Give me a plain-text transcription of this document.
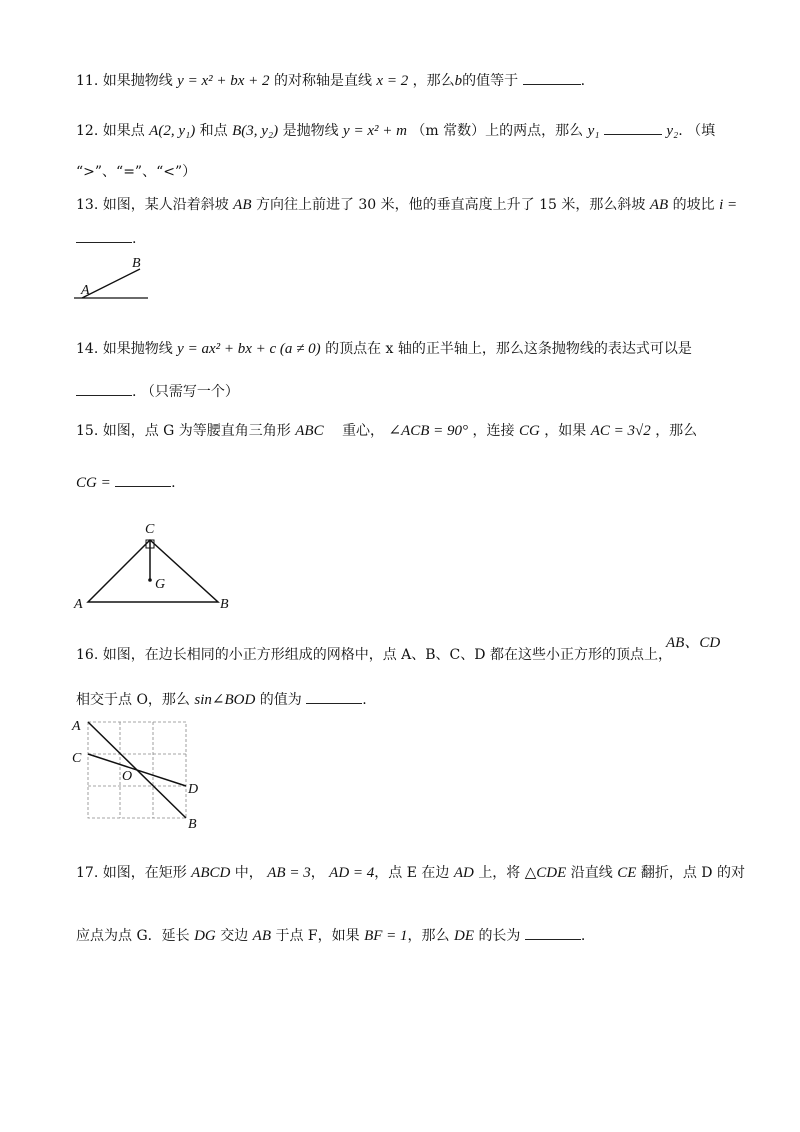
11. 如果抛物线 y = x² + bx + 2 的对称轴是直线 x = 2 ，那么b的值等于	.
12. 如果点 A(2, y₁) 和点 B(3, y₂) 是抛物线 y = x² + m （m 常数）上的两点，那么 y₁	y₂. （填
“>”、“=”、“<”）
13. 如图，某人沿着斜坡 AB 方向往上前进了 30 米，他的垂直高度上升了 15 米，那么斜坡 AB 的坡比 i =
.
A
B
14. 如果抛物线 y = ax² + bx + c (a ≠ 0) 的顶点在 x 轴的正半轴上，那么这条抛物线的表达式可以是
. （只需写一个）
15. 如图，点 G 为等腰直角三角形 ABC 重心， ∠ACB = 90° ，连接 CG ，如果 AC = 3√2 ，那么
CG =	.
C
G
A	B
16. 如图，在边长相同的小正方形组成的网格中，点 A、B、C、D 都在这些小正方形的顶点上，
AB、CD
相交于点 O，那么 sin∠BOD 的值为	.
A
C
O
D
B
17. 如图，在矩形 ABCD 中， AB = 3， AD = 4，点 E 在边 AD 上，将 △CDE 沿直线 CE 翻折，点 D 的对
应点为点 G．延长 DG 交边 AB 于点 F，如果 BF = 1，那么 DE 的长为	.
